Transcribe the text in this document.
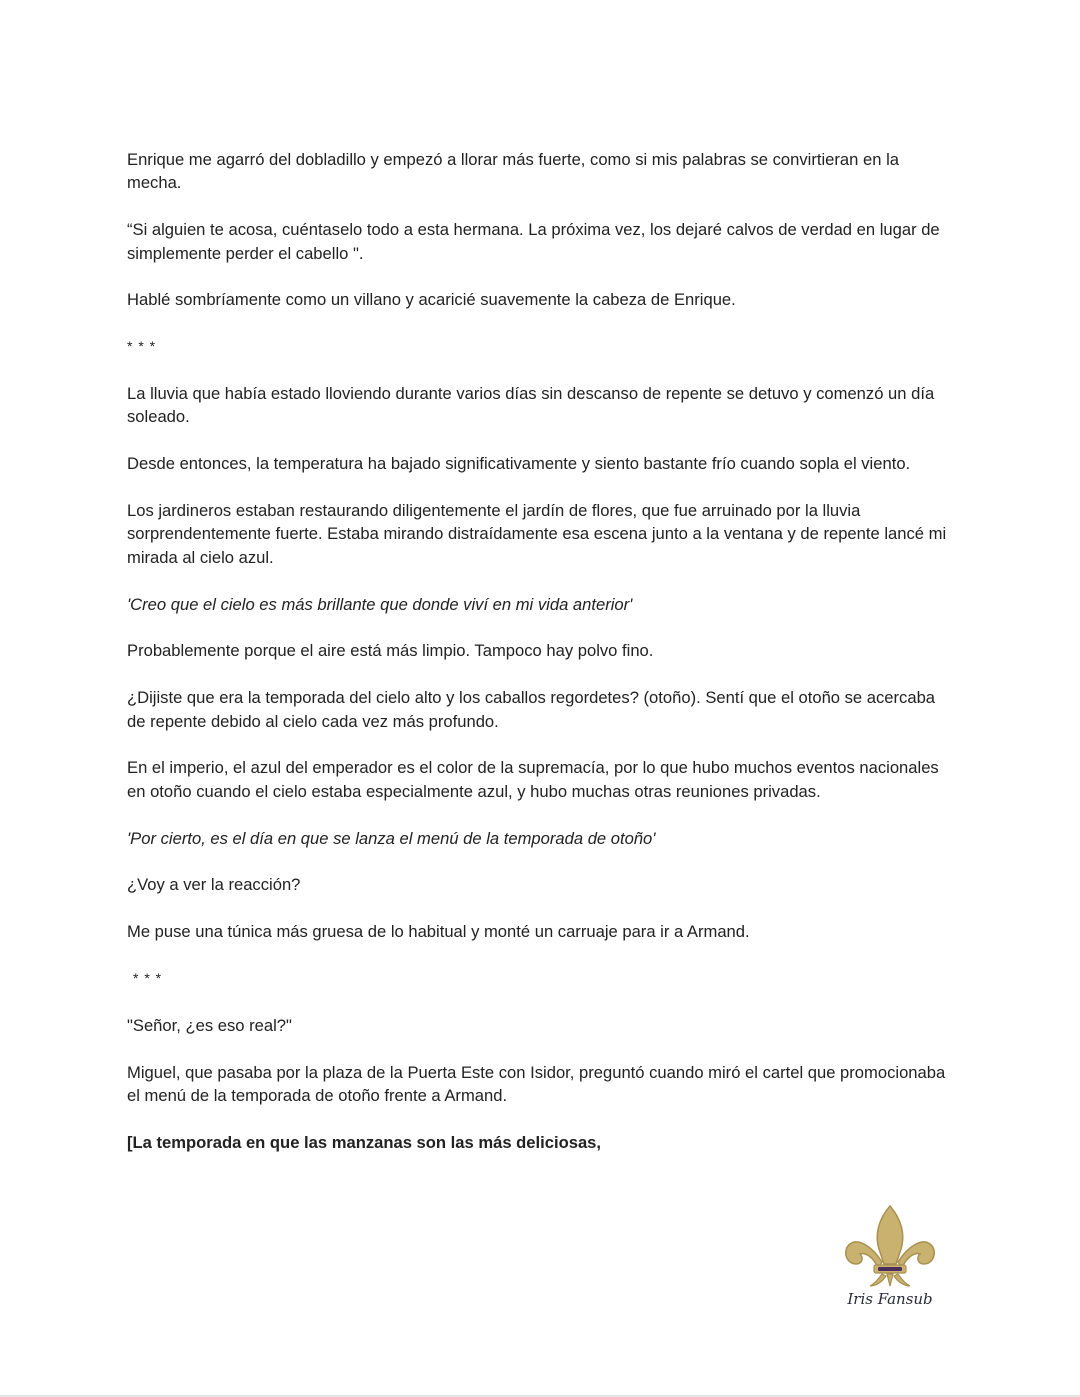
Enrique me agarró del dobladillo y empezó a llorar más fuerte, como si mis palabras se convirtieran en la mecha.

“Si alguien te acosa, cuéntaselo todo a esta hermana. La próxima vez, los dejaré calvos de verdad en lugar de simplemente perder el cabello ".

Hablé sombríamente como un villano y acaricié suavemente la cabeza de Enrique.

* * *

La lluvia que había estado lloviendo durante varios días sin descanso de repente se detuvo y comenzó un día soleado.

Desde entonces, la temperatura ha bajado significativamente y siento bastante frío cuando sopla el viento.

Los jardineros estaban restaurando diligentemente el jardín de flores, que fue arruinado por la lluvia sorprendentemente fuerte. Estaba mirando distraídamente esa escena junto a la ventana y de repente lancé mi mirada al cielo azul.

'Creo que el cielo es más brillante que donde viví en mi vida anterior'

Probablemente porque el aire está más limpio. Tampoco hay polvo fino.

¿Dijiste que era la temporada del cielo alto y los caballos regordetes? (otoño). Sentí que el otoño se acercaba de repente debido al cielo cada vez más profundo.

En el imperio, el azul del emperador es el color de la supremacía, por lo que hubo muchos eventos nacionales en otoño cuando el cielo estaba especialmente azul, y hubo muchas otras reuniones privadas.

'Por cierto, es el día en que se lanza el menú de la temporada de otoño'

¿Voy a ver la reacción?

Me puse una túnica más gruesa de lo habitual y monté un carruaje para ir a Armand.

* * *

"Señor, ¿es eso real?"

Miguel, que pasaba por la plaza de la Puerta Este con Isidor, preguntó cuando miró el cartel que promocionaba el menú de la temporada de otoño frente a Armand.

[La temporada en que las manzanas son las más deliciosas,

Iris Fansub
